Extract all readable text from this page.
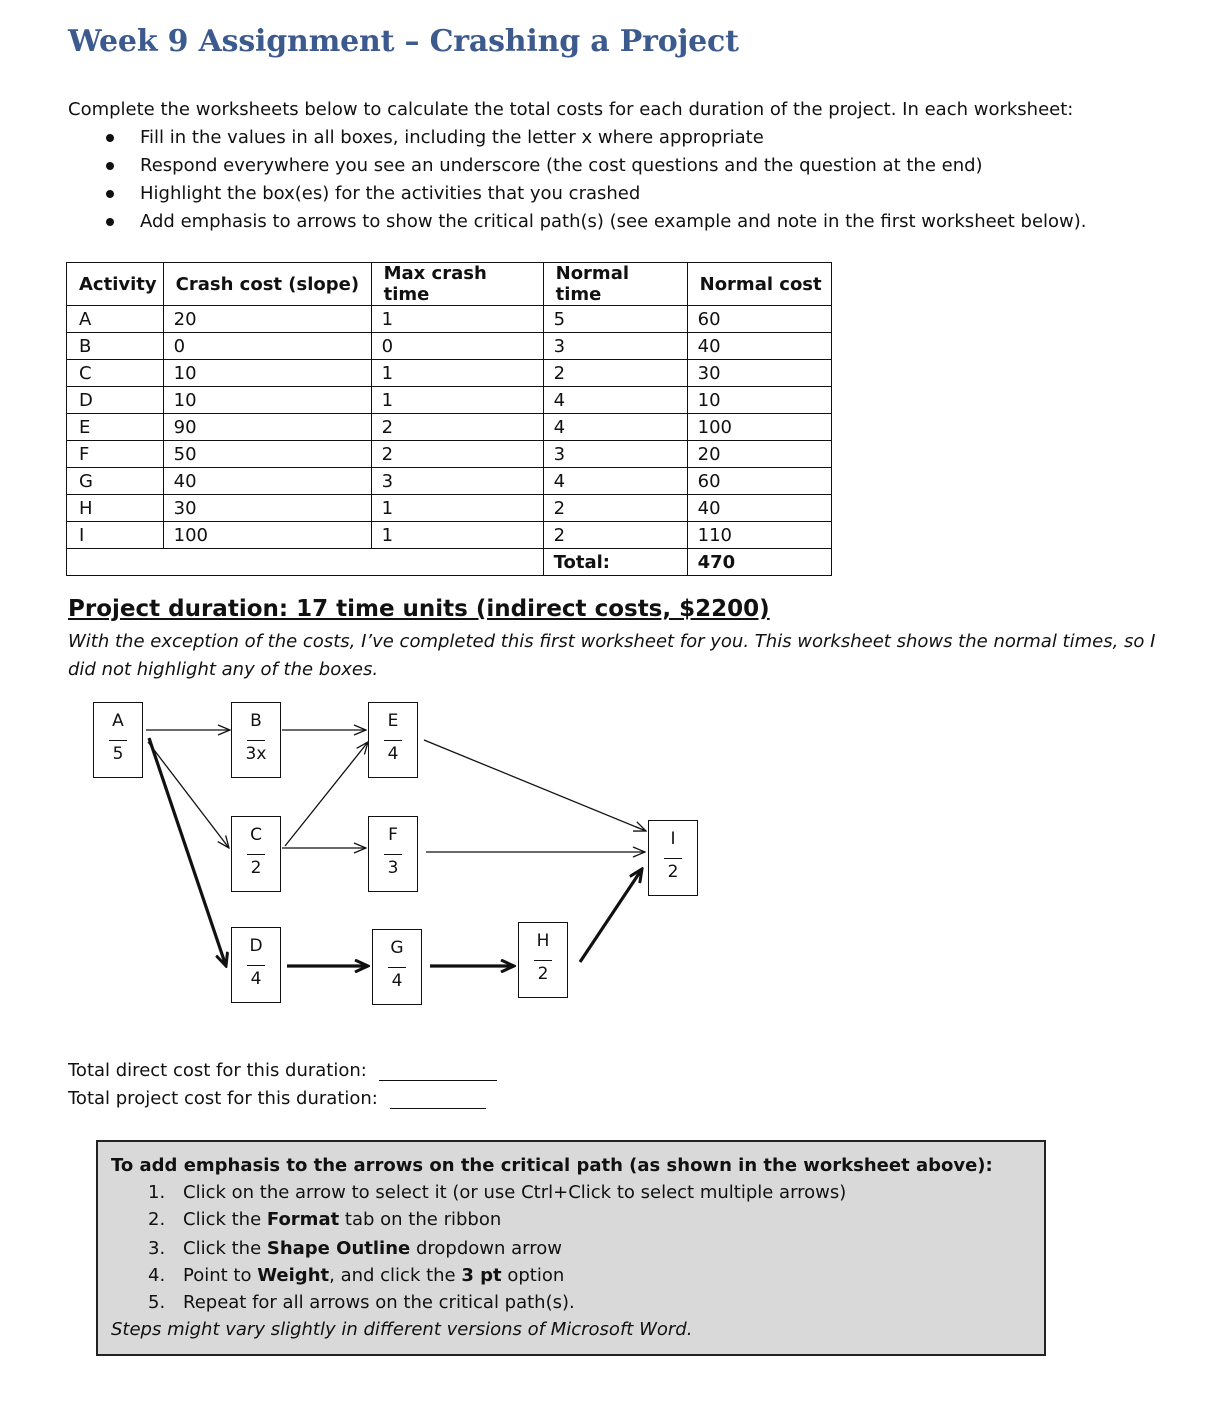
Week 9 Assignment – Crashing a Project

Complete the worksheets below to calculate the total costs for each duration of the project. In each worksheet:

Fill in the values in all boxes, including the letter x where appropriate
Respond everywhere you see an underscore (the cost questions and the question at the end)
Highlight the box(es) for the activities that you crashed
Add emphasis to arrows to show the critical path(s) (see example and note in the first worksheet below).
Activity	Crash cost (slope)	Max crash time	Normal time	Normal cost
A	20	1	5	60
B	0	0	3	40
C	10	1	2	30
D	10	1	4	10
E	90	2	4	100
F	50	2	3	20
G	40	3	4	60
H	30	1	2	40
I	100	1	2	110
			Total:	470
Project duration: 17 time units (indirect costs, $2200)

With the exception of the costs, I’ve completed this first worksheet for you. This worksheet shows the normal times, so I did not highlight any of the boxes.

A
5
B
3x
C
2
D
4
E
4
F
3
G
4
H
2
I
2
Total direct cost for this duration:
Total project cost for this duration:
To add emphasis to the arrows on the critical path (as shown in the worksheet above):
1. Click on the arrow to select it (or use Ctrl+Click to select multiple arrows)
2. Click the Format tab on the ribbon
3. Click the Shape Outline dropdown arrow
4. Point to Weight, and click the 3 pt option
5. Repeat for all arrows on the critical path(s).
Steps might vary slightly in different versions of Microsoft Word.
